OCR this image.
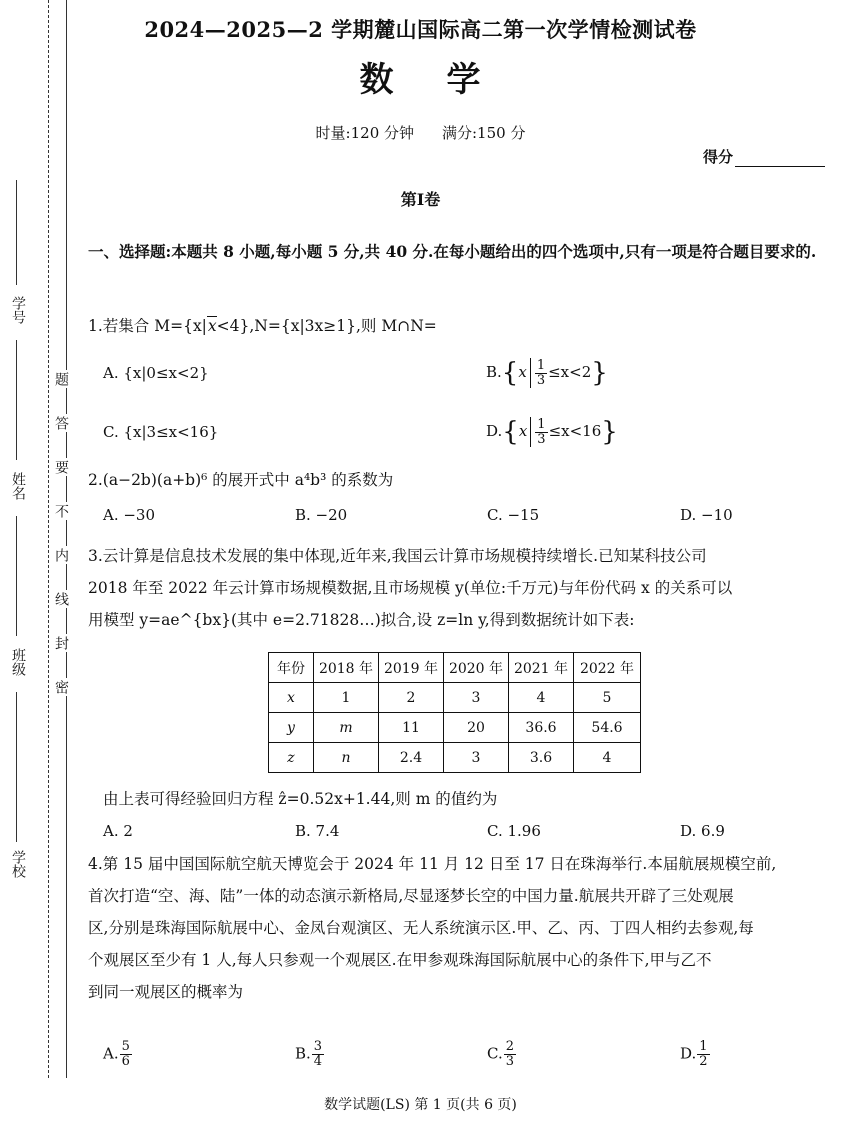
学号
姓名
班级
学校
题
答
要
不
内
线
封
密
2024—2025—2 学期麓山国际高二第一次学情检测试卷
数 学
时量:120 分钟 满分:150 分
得分
第Ⅰ卷
一、选择题:本题共 8 小题,每小题 5 分,共 40 分.在每小题给出的四个选项中,只有一项是符合题目要求的.
1.若集合 M={x|x<4},N={x|3x≥1},则 M∩N=
A. {x|0≤x<2}	$B.\{x \frac{1}{3} \le x<2\}$
C. {x|3≤x<16}	$D.\{x \frac{1}{3} \le x<16\}$
2.(a−2b)(a+b)⁶ 的展开式中 a⁴b³ 的系数为
A. −30	B. −20	C. −15	D. −10
3.云计算是信息技术发展的集中体现,近年来,我国云计算市场规模持续增长.已知某科技公司
2018 年至 2022 年云计算市场规模数据,且市场规模 y(单位:千万元)与年份代码 x 的关系可以
用模型 y=ae^{bx}(其中 e=2.71828…)拟合,设 z=ln y,得到数据统计如下表:
年份	2018 年	2019 年	2020 年	2021 年	2022 年
x	1	2	3	4	5
y	m	11	20	36.6	54.6
z	n	2.4	3	3.6	4
由上表可得经验回归方程 ẑ=0.52x+1.44,则 m 的值约为
A. 2	B. 7.4	C. 1.96	D. 6.9
4.第 15 届中国国际航空航天博览会于 2024 年 11 月 12 日至 17 日在珠海举行.本届航展规模空前,
首次打造“空、海、陆”一体的动态演示新格局,尽显逐梦长空的中国力量.航展共开辟了三处观展
区,分别是珠海国际航展中心、金凤台观演区、无人系统演示区.甲、乙、丙、丁四人相约去参观,每
个观展区至少有 1 人,每人只参观一个观展区.在甲参观珠海国际航展中心的条件下,甲与乙不
到同一观展区的概率为
A. $\frac{5}{6}$	B. $\frac{3}{4}$	C. $\frac{2}{3}$	D. $\frac{1}{2}$
数学试题(LS) 第 1 页(共 6 页)
